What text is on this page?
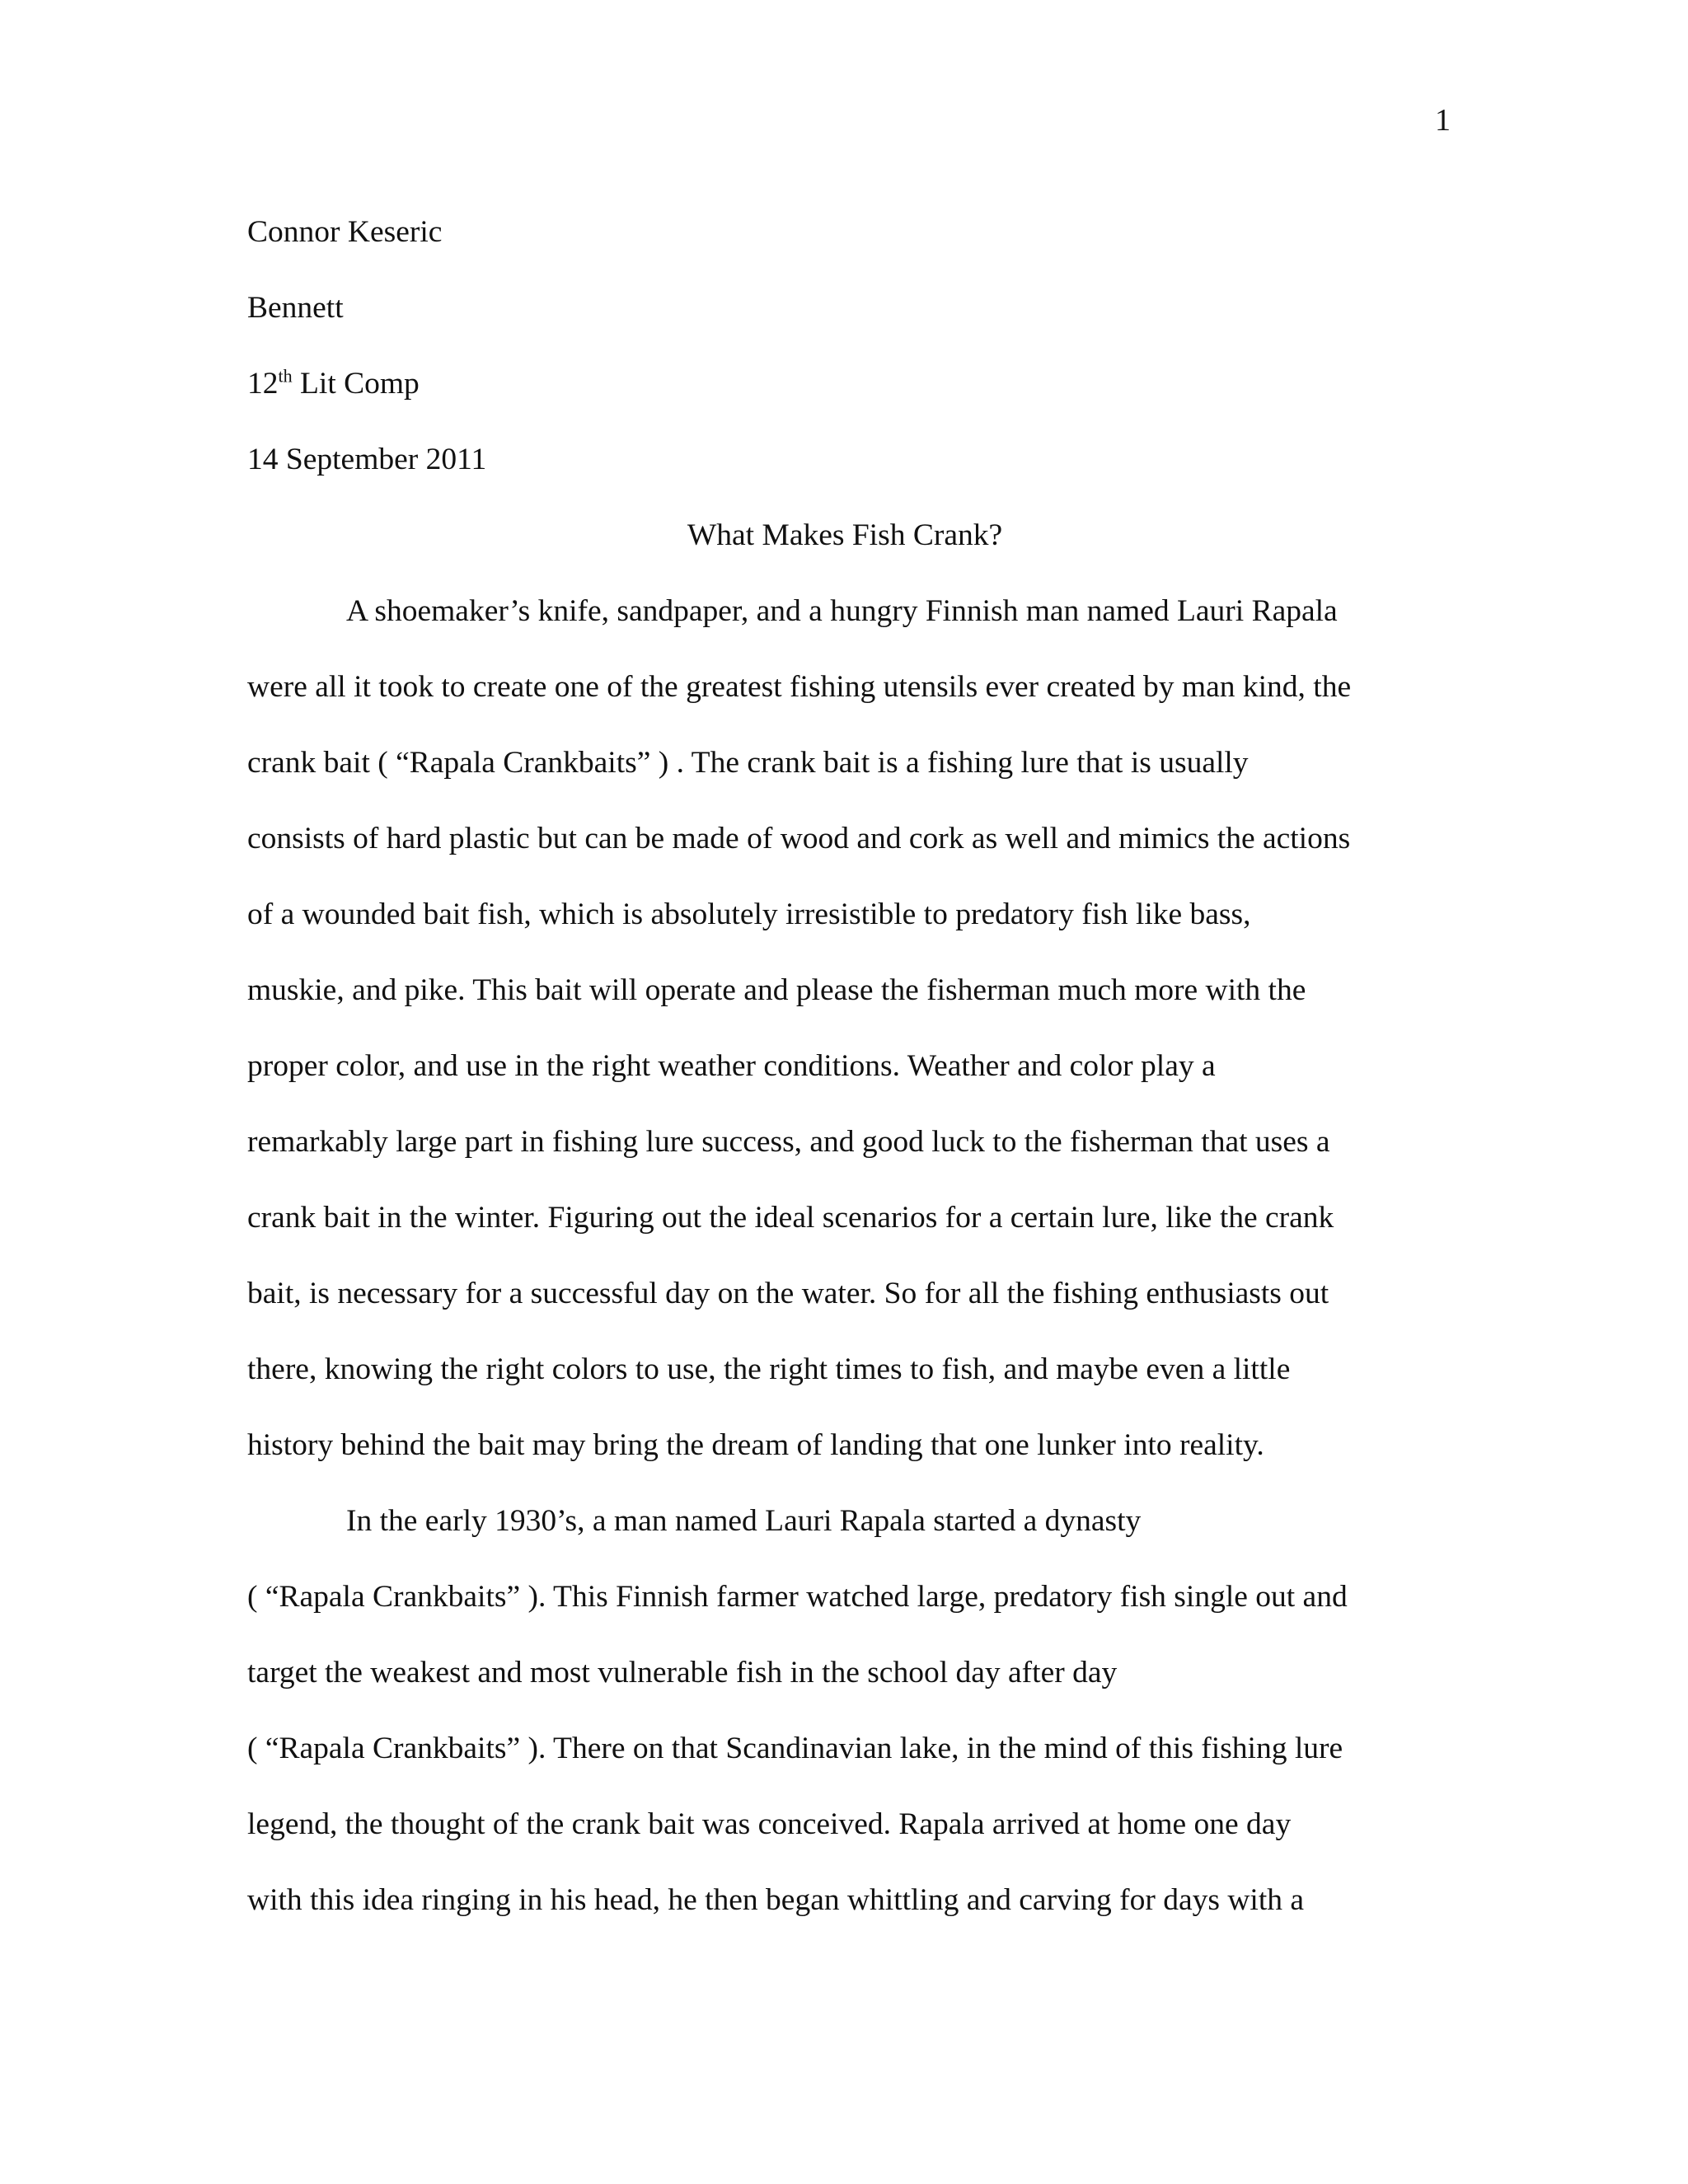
1
Connor Keseric
Bennett
12th Lit Comp
14 September 2011
What Makes Fish Crank?
A shoemaker’s knife, sandpaper, and a hungry Finnish man named Lauri Rapala
were all it took to create one of the greatest fishing utensils ever created by man kind, the
crank bait ( “Rapala Crankbaits” ) . The crank bait is a fishing lure that is usually
consists of hard plastic but can be made of wood and cork as well and mimics the actions
of a wounded bait fish, which is absolutely irresistible to predatory fish like bass,
muskie, and pike. This bait will operate and please the fisherman much more with the
proper color, and use in the right weather conditions. Weather and color play a
remarkably large part in fishing lure success, and good luck to the fisherman that uses a
crank bait in the winter. Figuring out the ideal scenarios for a certain lure, like the crank
bait, is necessary for a successful day on the water. So for all the fishing enthusiasts out
there, knowing the right colors to use, the right times to fish, and maybe even a little
history behind the bait may bring the dream of landing that one lunker into reality.
In the early 1930’s, a man named Lauri Rapala started a dynasty
( “Rapala Crankbaits” ). This Finnish farmer watched large, predatory fish single out and
target the weakest and most vulnerable fish in the school day after day
( “Rapala Crankbaits” ). There on that Scandinavian lake, in the mind of this fishing lure
legend, the thought of the crank bait was conceived. Rapala arrived at home one day
with this idea ringing in his head, he then began whittling and carving for days with a
